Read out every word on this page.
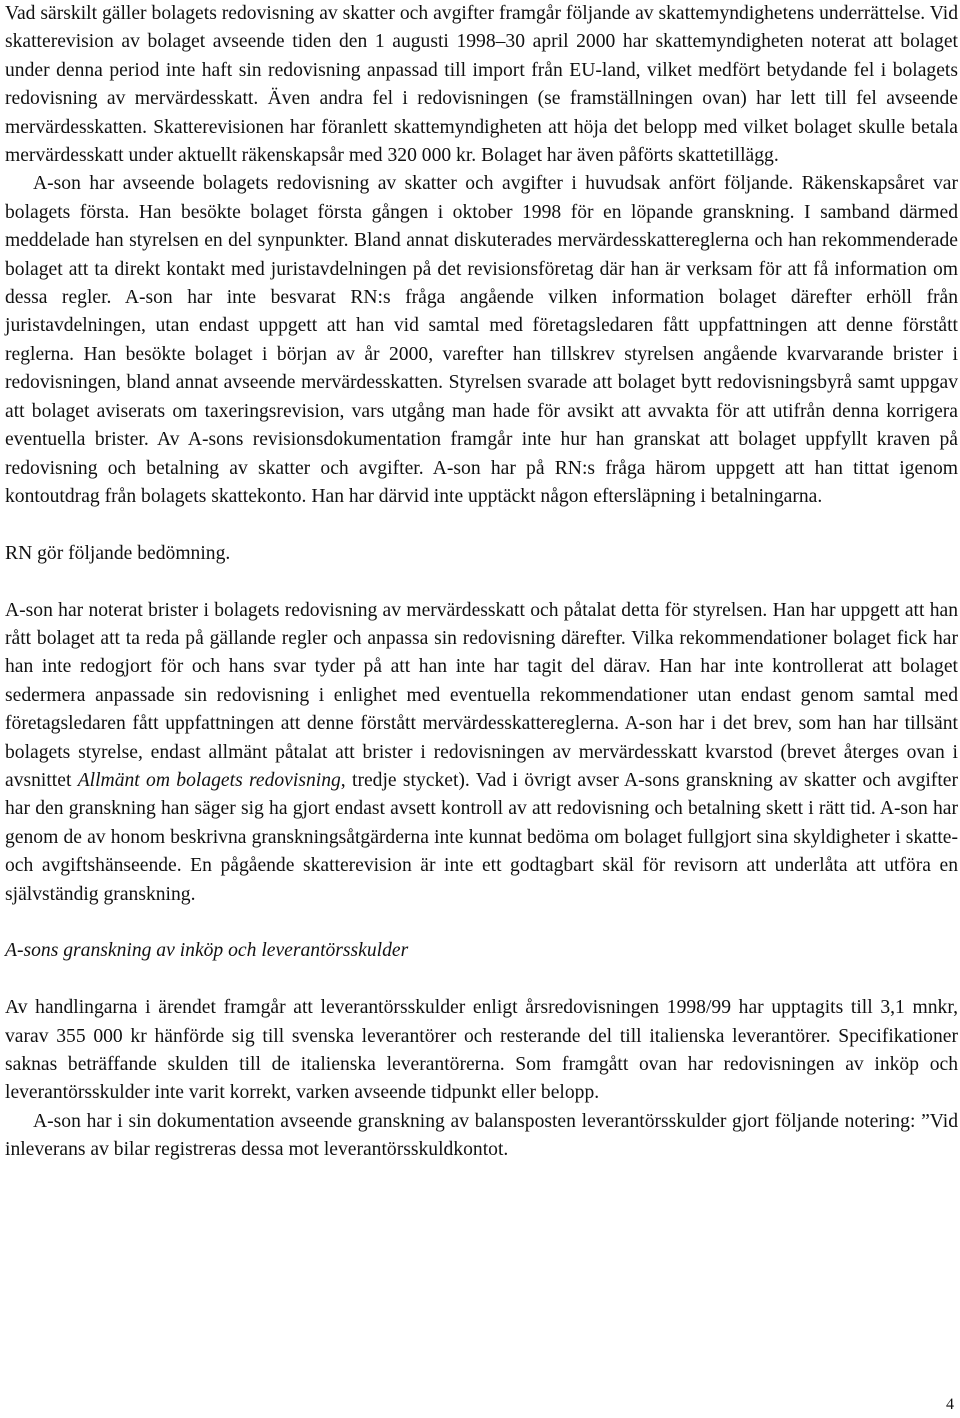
Vad särskilt gäller bolagets redovisning av skatter och avgifter framgår följande av skattemyndighetens underrättelse. Vid skatterevision av bolaget avseende tiden den 1 augusti 1998–30 april 2000 har skattemyndigheten noterat att bolaget under denna period inte haft sin redovisning anpassad till import från EU-land, vilket medfört betydande fel i bolagets redovisning av mervärdesskatt. Även andra fel i redovisningen (se framställningen ovan) har lett till fel avseende mervärdesskatten. Skatterevisionen har föranlett skattemyndigheten att höja det belopp med vilket bolaget skulle betala mervärdesskatt under aktuellt räkenskapsår med 320 000 kr. Bolaget har även påförts skattetillägg.

A-son har avseende bolagets redovisning av skatter och avgifter i huvudsak anfört följande. Räkenskapsåret var bolagets första. Han besökte bolaget första gången i oktober 1998 för en löpande granskning. I samband därmed meddelade han styrelsen en del synpunkter. Bland annat diskuterades mervärdesskattereglerna och han rekommenderade bolaget att ta direkt kontakt med juristavdelningen på det revisionsföretag där han är verksam för att få information om dessa regler. A-son har inte besvarat RN:s fråga angående vilken information bolaget därefter erhöll från juristavdelningen, utan endast uppgett att han vid samtal med företagsledaren fått uppfattningen att denne förstått reglerna. Han besökte bolaget i början av år 2000, varefter han tillskrev styrelsen angående kvarvarande brister i redovisningen, bland annat avseende mervärdesskatten. Styrelsen svarade att bolaget bytt redovisningsbyrå samt uppgav att bolaget aviserats om taxeringsrevision, vars utgång man hade för avsikt att avvakta för att utifrån denna korrigera eventuella brister. Av A-sons revisionsdokumentation framgår inte hur han granskat att bolaget uppfyllt kraven på redovisning och betalning av skatter och avgifter. A-son har på RN:s fråga härom uppgett att han tittat igenom kontoutdrag från bolagets skattekonto. Han har därvid inte upptäckt någon eftersläpning i betalningarna.

RN gör följande bedömning.

A-son har noterat brister i bolagets redovisning av mervärdesskatt och påtalat detta för styrelsen. Han har uppgett att han rått bolaget att ta reda på gällande regler och anpassa sin redovisning därefter. Vilka rekommendationer bolaget fick har han inte redogjort för och hans svar tyder på att han inte har tagit del därav. Han har inte kontrollerat att bolaget sedermera anpassade sin redovisning i enlighet med eventuella rekommendationer utan endast genom samtal med företagsledaren fått uppfattningen att denne förstått mervärdesskattereglerna. A-son har i det brev, som han har tillsänt bolagets styrelse, endast allmänt påtalat att brister i redovisningen av mervärdesskatt kvarstod (brevet återges ovan i avsnittet Allmänt om bolagets redovisning, tredje stycket). Vad i övrigt avser A-sons granskning av skatter och avgifter har den granskning han säger sig ha gjort endast avsett kontroll av att redovisning och betalning skett i rätt tid. A-son har genom de av honom beskrivna granskningsåtgärderna inte kunnat bedöma om bolaget fullgjort sina skyldigheter i skatte- och avgiftshänseende. En pågående skatterevision är inte ett godtagbart skäl för revisorn att underlåta att utföra en självständig granskning.

A-sons granskning av inköp och leverantörsskulder

Av handlingarna i ärendet framgår att leverantörsskulder enligt årsredovisningen 1998/99 har upptagits till 3,1 mnkr, varav 355 000 kr hänförde sig till svenska leverantörer och resterande del till italienska leverantörer. Specifikationer saknas beträffande skulden till de italienska leverantörerna. Som framgått ovan har redovisningen av inköp och leverantörsskulder inte varit korrekt, varken avseende tidpunkt eller belopp.

A-son har i sin dokumentation avseende granskning av balansposten leverantörsskulder gjort följande notering: ”Vid inleverans av bilar registreras dessa mot leverantörsskuldkontot.

4
